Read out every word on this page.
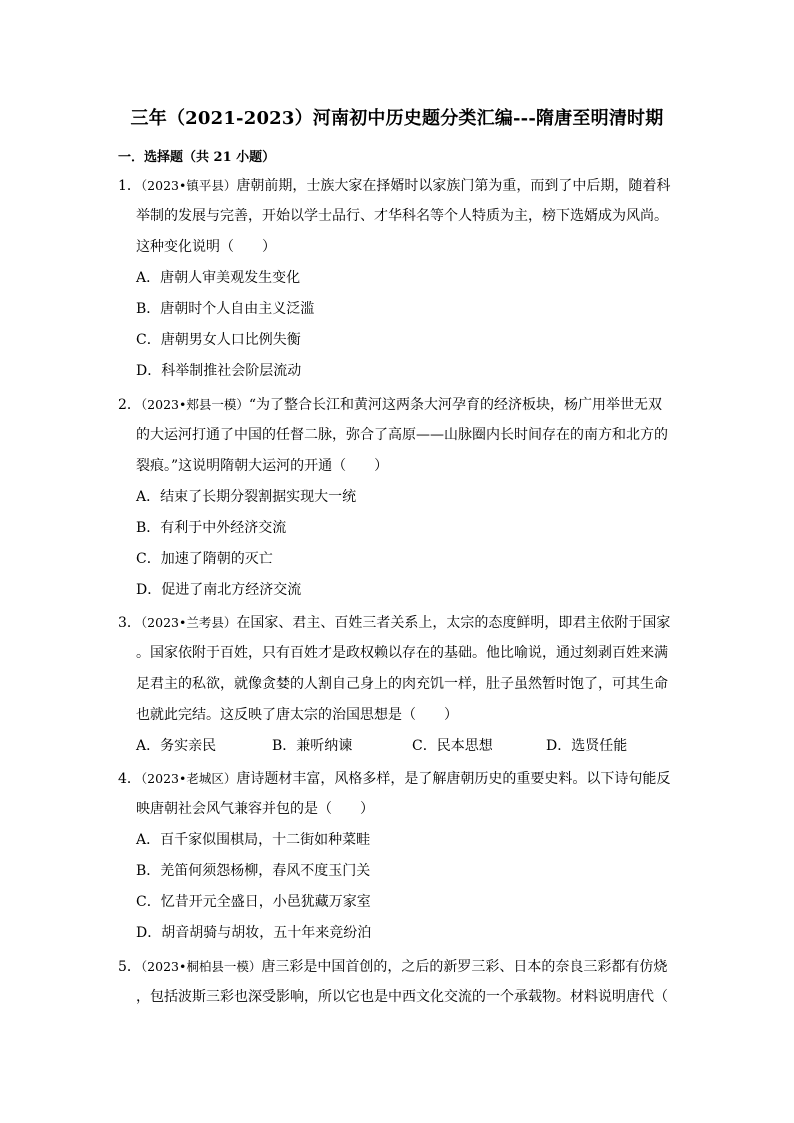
三年（2021-2023）河南初中历史题分类汇编---隋唐至明清时期
一．选择题（共 21 小题）
1．（2023•镇平县）唐朝前期，士族大家在择婿时以家族门第为重，而到了中后期，随着科
举制的发展与完善，开始以学士品行、才华科名等个人特质为主，榜下选婿成为风尚。
这种变化说明（　　）
A．唐朝人审美观发生变化
B．唐朝时个人自由主义泛滥
C．唐朝男女人口比例失衡
D．科举制推社会阶层流动
2．（2023•郏县一模）“为了整合长江和黄河这两条大河孕育的经济板块，杨广用举世无双
的大运河打通了中国的任督二脉，弥合了高原——山脉圈内长时间存在的南方和北方的
裂痕。”这说明隋朝大运河的开通（　　）
A．结束了长期分裂割据实现大一统
B．有利于中外经济交流
C．加速了隋朝的灭亡
D．促进了南北方经济交流
3．（2023•兰考县）在国家、君主、百姓三者关系上，太宗的态度鲜明，即君主依附于国家
。国家依附于百姓，只有百姓才是政权赖以存在的基础。他比喻说，通过刻剥百姓来满
足君主的私欲，就像贪婪的人割自己身上的肉充饥一样，肚子虽然暂时饱了，可其生命
也就此完结。这反映了唐太宗的治国思想是（　　）
A．务实亲民	B．兼听纳谏	C．民本思想	D．选贤任能
4．（2023•老城区）唐诗题材丰富，风格多样，是了解唐朝历史的重要史料。以下诗句能反
映唐朝社会风气兼容并包的是（　　）
A．百千家似围棋局，十二街如种菜畦
B．羌笛何须怨杨柳，春风不度玉门关
C．忆昔开元全盛日，小邑犹藏万家室
D．胡音胡骑与胡妆，五十年来竞纷泊
5．（2023•桐柏县一模）唐三彩是中国首创的，之后的新罗三彩、日本的奈良三彩都有仿烧
，包括波斯三彩也深受影响，所以它也是中西文化交流的一个承载物。材料说明唐代（
